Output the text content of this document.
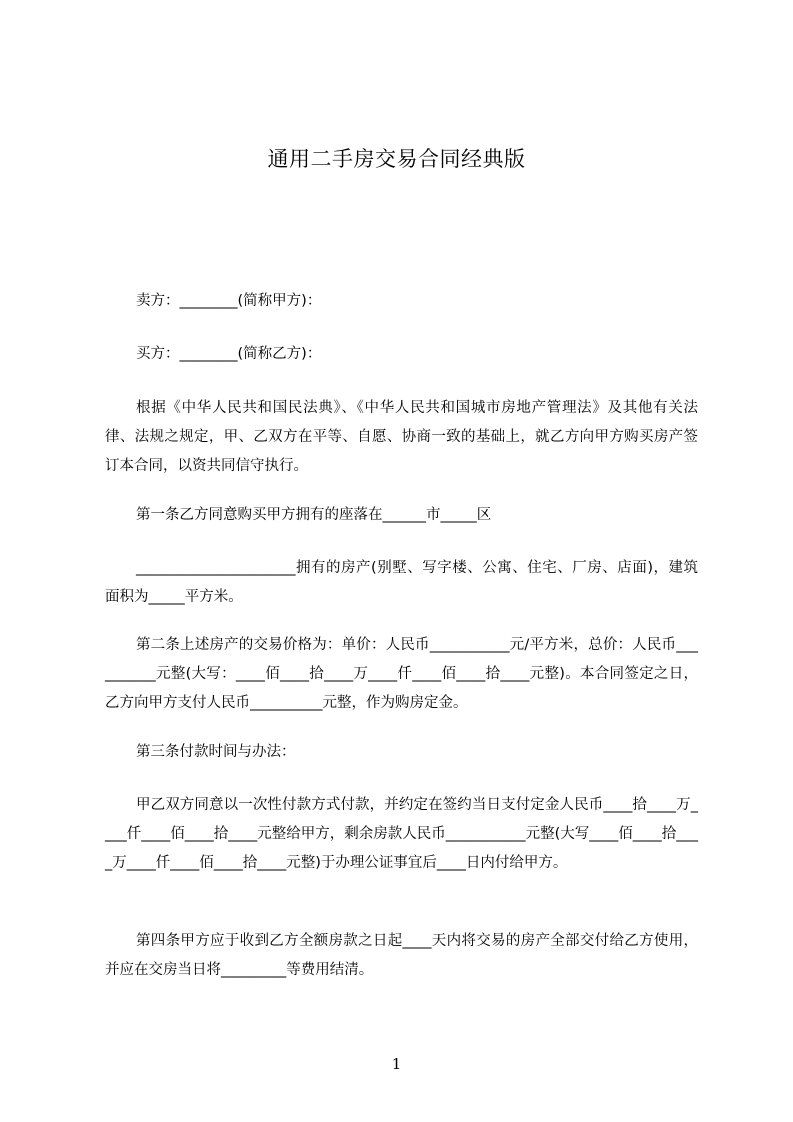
通用二手房交易合同经典版
卖方：________(简称甲方)：
买方：________(简称乙方)：
根据《中华人民共和国民法典》、《中华人民共和国城市房地产管理法》及其他有关法律、法规之规定，甲、乙双方在平等、自愿、协商一致的基础上，就乙方向甲方购买房产签订本合同，以资共同信守执行。
第一条乙方同意购买甲方拥有的座落在______市_____区
______________________拥有的房产(别墅、写字楼、公寓、住宅、厂房、店面)，建筑面积为_____平方米。
第二条上述房产的交易价格为：单价：人民币___________元/平方米，总价：人民币__________元整(大写：____佰____拾____万____仟____佰____拾____元整)。本合同签定之日，乙方向甲方支付人民币__________元整，作为购房定金。
第三条付款时间与办法：
甲乙双方同意以一次性付款方式付款，并约定在签约当日支付定金人民币____拾____万____仟____佰____拾____元整给甲方，剩余房款人民币___________元整(大写____佰____拾____万____仟____佰____拾____元整)于办理公证事宜后____日内付给甲方。
第四条甲方应于收到乙方全额房款之日起____天内将交易的房产全部交付给乙方使用，并应在交房当日将_________等费用结清。
1
